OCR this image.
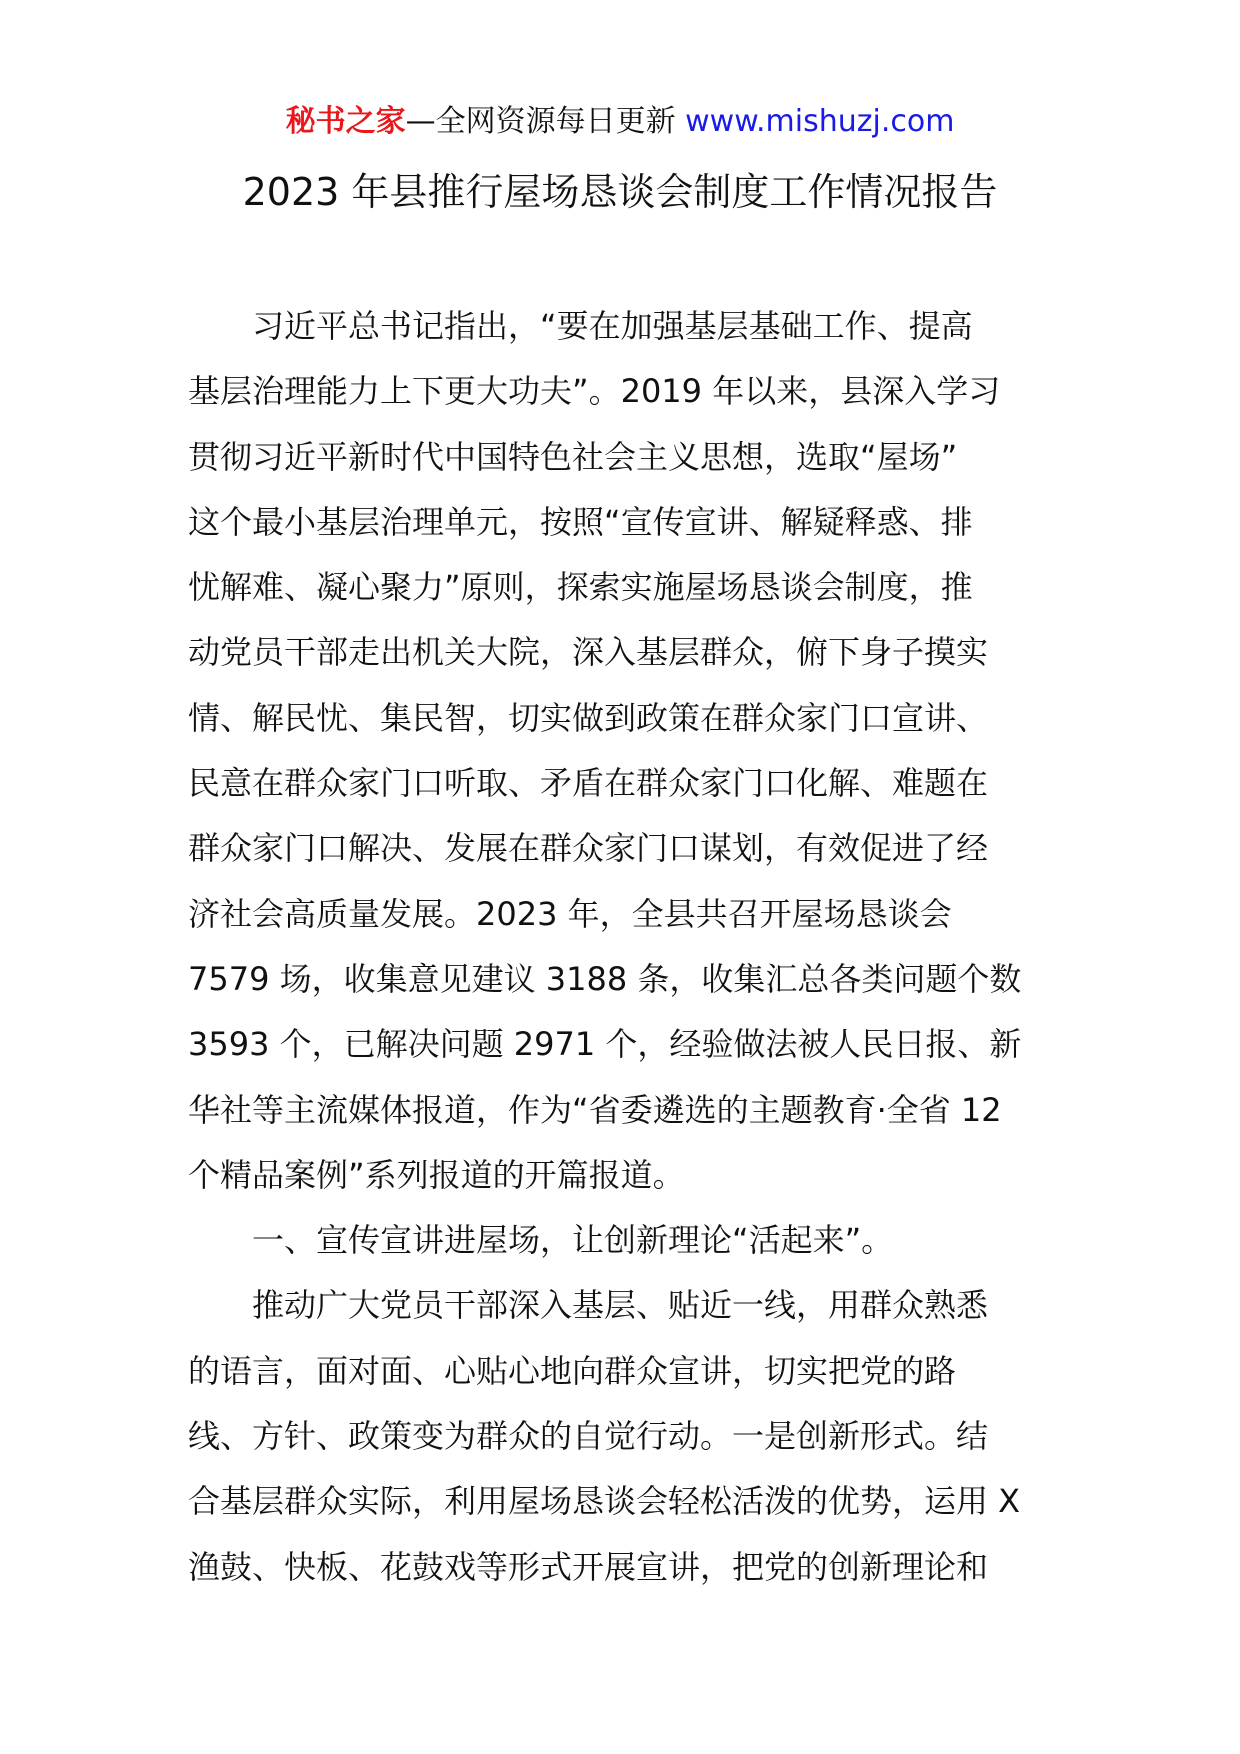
秘书之家—全网资源每日更新 www.mishuzj.com
2023 年县推行屋场恳谈会制度工作情况报告
习近平总书记指出，“要在加强基层基础工作、提高
基层治理能力上下更大功夫”。2019 年以来，县深入学习
贯彻习近平新时代中国特色社会主义思想，选取“屋场”
这个最小基层治理单元，按照“宣传宣讲、解疑释惑、排
忧解难、凝心聚力”原则，探索实施屋场恳谈会制度，推
动党员干部走出机关大院，深入基层群众，俯下身子摸实
情、解民忧、集民智，切实做到政策在群众家门口宣讲、
民意在群众家门口听取、矛盾在群众家门口化解、难题在
群众家门口解决、发展在群众家门口谋划，有效促进了经
济社会高质量发展。2023 年，全县共召开屋场恳谈会
7579 场，收集意见建议 3188 条，收集汇总各类问题个数
3593 个，已解决问题 2971 个，经验做法被人民日报、新
华社等主流媒体报道，作为“省委遴选的主题教育·全省 12
个精品案例”系列报道的开篇报道。
一、宣传宣讲进屋场，让创新理论“活起来”。
推动广大党员干部深入基层、贴近一线，用群众熟悉
的语言，面对面、心贴心地向群众宣讲，切实把党的路
线、方针、政策变为群众的自觉行动。一是创新形式。结
合基层群众实际，利用屋场恳谈会轻松活泼的优势，运用 X
渔鼓、快板、花鼓戏等形式开展宣讲，把党的创新理论和
